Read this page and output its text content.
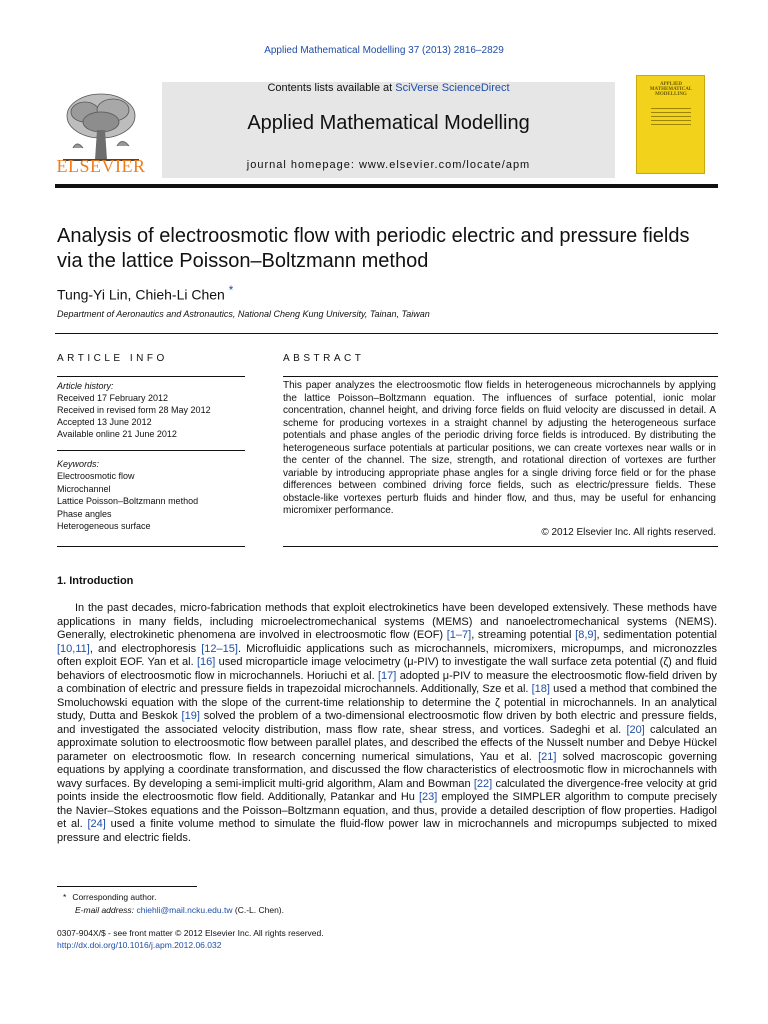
Applied Mathematical Modelling 37 (2013) 2816–2829
ELSEVIER
Contents lists available at SciVerse ScienceDirect
Applied Mathematical Modelling
journal homepage: www.elsevier.com/locate/apm
APPLIED
MATHEMATICAL
MODELLING
Analysis of electroosmotic flow with periodic electric and pressure fields via the lattice Poisson–Boltzmann method
Tung-Yi Lin, Chieh-Li Chen *
Department of Aeronautics and Astronautics, National Cheng Kung University, Tainan, Taiwan
ARTICLE INFO
Article history:
Received 17 February 2012
Received in revised form 28 May 2012
Accepted 13 June 2012
Available online 21 June 2012
Keywords:
Electroosmotic flow
Microchannel
Lattice Poisson–Boltzmann method
Phase angles
Heterogeneous surface
ABSTRACT
This paper analyzes the electroosmotic flow fields in heterogeneous microchannels by applying the lattice Poisson–Boltzmann equation. The influences of surface potential, ionic molar concentration, channel height, and driving force fields on fluid velocity are discussed in detail. A scheme for producing vortexes in a straight channel by adjusting the heterogeneous surface potentials and phase angles of the periodic driving force fields is introduced. By distributing the heterogeneous surface potentials at particular positions, we can create vortexes near walls or in the center of the channel. The size, strength, and rotational direction of vortexes are further variable by introducing appropriate phase angles for a single driving force field or for the phase differences between combined driving force fields, such as electric/pressure fields. These obstacle-like vortexes perturb fluids and hinder flow, and thus, may be useful for enhancing micromixer performance.
© 2012 Elsevier Inc. All rights reserved.
1. Introduction
In the past decades, micro-fabrication methods that exploit electrokinetics have been developed extensively. These methods have applications in many fields, including microelectromechanical systems (MEMS) and nanoelectromechanical systems (NEMS). Generally, electrokinetic phenomena are involved in electroosmotic flow (EOF) [1–7], streaming potential [8,9], sedimentation potential [10,11], and electrophoresis [12–15]. Microfluidic applications such as microchannels, micromixers, micropumps, and micronozzles often exploit EOF. Yan et al. [16] used microparticle image velocimetry (μ-PIV) to investigate the wall surface zeta potential (ζ) and fluid behaviors of electroosmotic flow in microchannels. Horiuchi et al. [17] adopted μ-PIV to measure the electroosmotic flow-field driven by a combination of electric and pressure fields in trapezoidal microchannels. Additionally, Sze et al. [18] used a method that combined the Smoluchowski equation with the slope of the current-time relationship to determine the ζ potential in microchannels. In an analytical study, Dutta and Beskok [19] solved the problem of a two-dimensional electroosmotic flow driven by both electric and pressure fields, and investigated the associated velocity distribution, mass flow rate, shear stress, and vortices. Sadeghi et al. [20] calculated an approximate solution to electroosmotic flow between parallel plates, and described the effects of the Nusselt number and Debye Hückel parameter on electroosmotic flow. In research concerning numerical simulations, Yau et al. [21] solved macroscopic governing equations by applying a coordinate transformation, and discussed the flow characteristics of electroosmotic flow in microchannels with wavy surfaces. By developing a semi-implicit multi-grid algorithm, Alam and Bowman [22] calculated the divergence-free velocity at grid points inside the electroosmotic flow field. Additionally, Patankar and Hu [23] employed the SIMPLER algorithm to compute precisely the Navier–Stokes equations and the Poisson–Boltzmann equation, and thus, provide a detailed description of flow properties. Hadigol et al. [24] used a finite volume method to simulate the fluid-flow power law in microchannels and micropumps subjected to mixed pressure and electric fields.
* Corresponding author.
E-mail address: chiehli@mail.ncku.edu.tw (C.-L. Chen).
0307-904X/$ - see front matter © 2012 Elsevier Inc. All rights reserved.
http://dx.doi.org/10.1016/j.apm.2012.06.032
